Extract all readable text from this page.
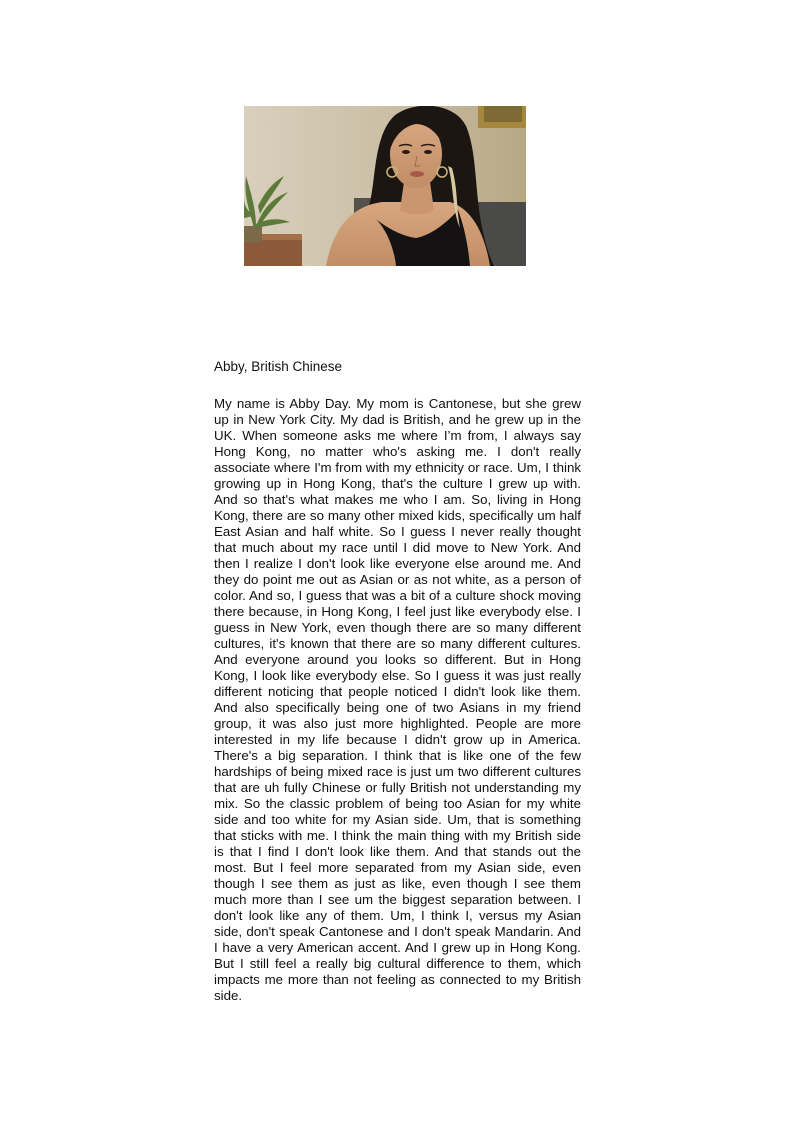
Abby, British Chinese

My name is Abby Day. My mom is Cantonese, but she grew up in New York City. My dad is British, and he grew up in the UK. When someone asks me where I’m from, I always say Hong Kong, no matter who's asking me. I don't really associate where I'm from with my ethnicity or race. Um, I think growing up in Hong Kong, that's the culture I grew up with. And so that's what makes me who I am. So, living in Hong Kong, there are so many other mixed kids, specifically um half East Asian and half white. So I guess I never really thought that much about my race until I did move to New York. And then I realize I don't look like everyone else around me. And they do point me out as Asian or as not white, as a person of color. And so, I guess that was a bit of a culture shock moving there because, in Hong Kong, I feel just like everybody else. I guess in New York, even though there are so many different cultures, it's known that there are so many different cultures. And everyone around you looks so different. But in Hong Kong, I look like everybody else. So I guess it was just really different noticing that people noticed I didn't look like them. And also specifically being one of two Asians in my friend group, it was also just more highlighted. People are more interested in my life because I didn't grow up in America. There's a big separation. I think that is like one of the few hardships of being mixed race is just um two different cultures that are uh fully Chinese or fully British not understanding my mix. So the classic problem of being too Asian for my white side and too white for my Asian side. Um, that is something that sticks with me. I think the main thing with my British side is that I find I don't look like them. And that stands out the most. But I feel more separated from my Asian side, even though I see them as just as like, even though I see them much more than I see um the biggest separation between. I don't look like any of them. Um, I think I, versus my Asian side, don't speak Cantonese and I don't speak Mandarin. And I have a very American accent. And I grew up in Hong Kong. But I still feel a really big cultural difference to them, which impacts me more than not feeling as connected to my British side.
